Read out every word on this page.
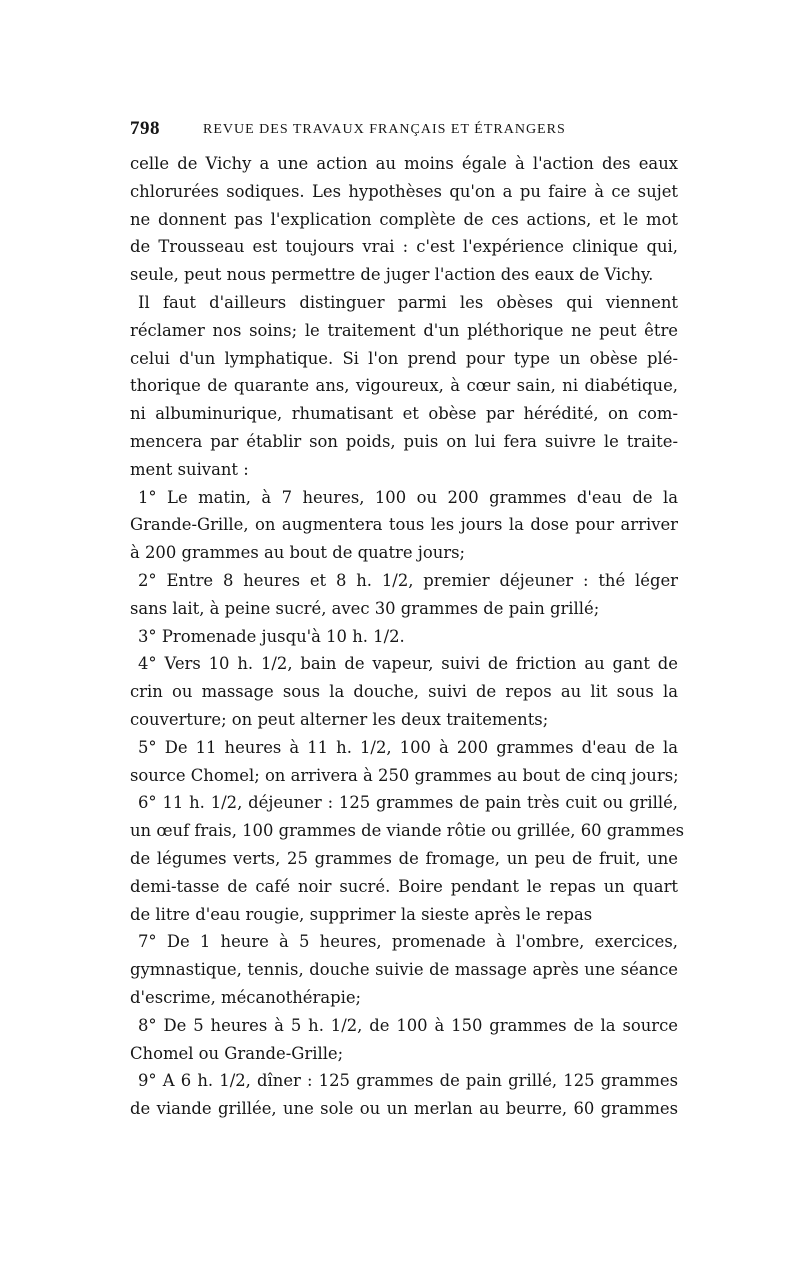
798	REVUE DES TRAVAUX FRANÇAIS ET ÉTRANGERS
celle de Vichy a une action au moins égale à l'action des eaux
chlorurées sodiques. Les hypothèses qu'on a pu faire à ce sujet
ne donnent pas l'explication complète de ces actions, et le mot
de Trousseau est toujours vrai : c'est l'expérience clinique qui,
seule, peut nous permettre de juger l'action des eaux de Vichy.
Il faut d'ailleurs distinguer parmi les obèses qui viennent
réclamer nos soins; le traitement d'un pléthorique ne peut être
celui d'un lymphatique. Si l'on prend pour type un obèse plé-
thorique de quarante ans, vigoureux, à cœur sain, ni diabétique,
ni albuminurique, rhumatisant et obèse par hérédité, on com-
mencera par établir son poids, puis on lui fera suivre le traite-
ment suivant :
1° Le matin, à 7 heures, 100 ou 200 grammes d'eau de la
Grande-Grille, on augmentera tous les jours la dose pour arriver
à 200 grammes au bout de quatre jours;
2° Entre 8 heures et 8 h. 1/2, premier déjeuner : thé léger
sans lait, à peine sucré, avec 30 grammes de pain grillé;
3° Promenade jusqu'à 10 h. 1/2.
4° Vers 10 h. 1/2, bain de vapeur, suivi de friction au gant de
crin ou massage sous la douche, suivi de repos au lit sous la
couverture; on peut alterner les deux traitements;
5° De 11 heures à 11 h. 1/2, 100 à 200 grammes d'eau de la
source Chomel; on arrivera à 250 grammes au bout de cinq jours;
6° 11 h. 1/2, déjeuner : 125 grammes de pain très cuit ou grillé,
un œuf frais, 100 grammes de viande rôtie ou grillée, 60 grammes
de légumes verts, 25 grammes de fromage, un peu de fruit, une
demi-tasse de café noir sucré. Boire pendant le repas un quart
de litre d'eau rougie, supprimer la sieste après le repas
7° De 1 heure à 5 heures, promenade à l'ombre, exercices,
gymnastique, tennis, douche suivie de massage après une séance
d'escrime, mécanothérapie;
8° De 5 heures à 5 h. 1/2, de 100 à 150 grammes de la source
Chomel ou Grande-Grille;
9° A 6 h. 1/2, dîner : 125 grammes de pain grillé, 125 grammes
de viande grillée, une sole ou un merlan au beurre, 60 grammes
